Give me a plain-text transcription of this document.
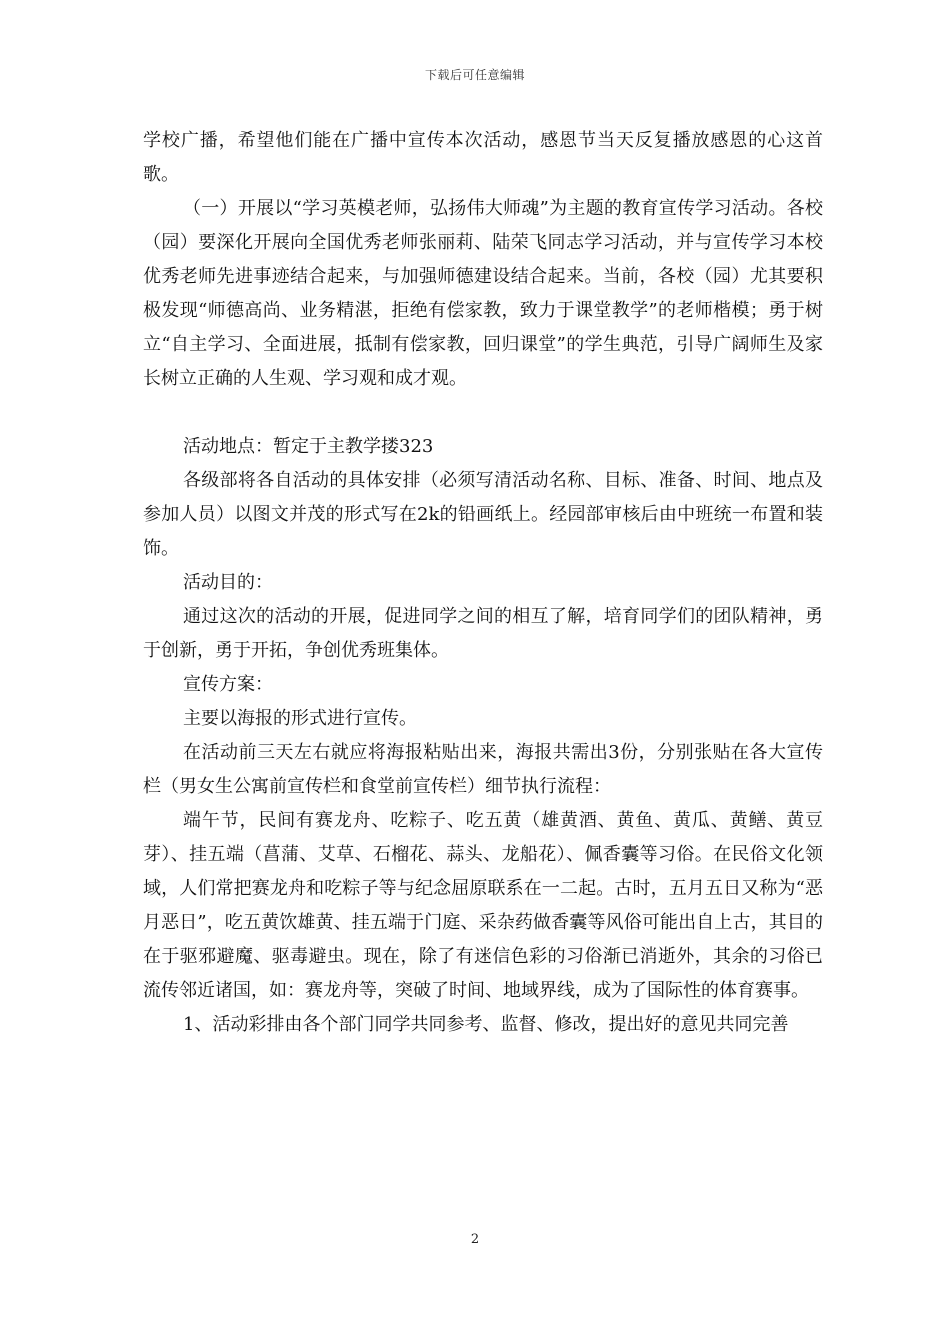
下载后可任意编辑

学校广播，希望他们能在广播中宣传本次活动，感恩节当天反复播放感恩的心这首歌。

（一）开展以“学习英模老师，弘扬伟大师魂”为主题的教育宣传学习活动。各校（园）要深化开展向全国优秀老师张丽莉、陆荣飞同志学习活动，并与宣传学习本校优秀老师先进事迹结合起来，与加强师德建设结合起来。当前，各校（园）尤其要积极发现“师德高尚、业务精湛，拒绝有偿家教，致力于课堂教学”的老师楷模；勇于树立“自主学习、全面进展，抵制有偿家教，回归课堂”的学生典范，引导广阔师生及家长树立正确的人生观、学习观和成才观。

活动地点：暂定于主教学搂323

各级部将各自活动的具体安排（必须写清活动名称、目标、准备、时间、地点及参加人员）以图文并茂的形式写在2k的铅画纸上。经园部审核后由中班统一布置和装饰。

活动目的：

通过这次的活动的开展，促进同学之间的相互了解，培育同学们的团队精神，勇于创新，勇于开拓，争创优秀班集体。

宣传方案：

主要以海报的形式进行宣传。

在活动前三天左右就应将海报粘贴出来，海报共需出3份，分别张贴在各大宣传栏（男女生公寓前宣传栏和食堂前宣传栏）细节执行流程：

端午节，民间有赛龙舟、吃粽子、吃五黄（雄黄酒、黄鱼、黄瓜、黄鳝、黄豆芽）、挂五端（菖蒲、艾草、石榴花、蒜头、龙船花）、佩香囊等习俗。在民俗文化领域，人们常把赛龙舟和吃粽子等与纪念屈原联系在一二起。古时，五月五日又称为“恶月恶日”，吃五黄饮雄黄、挂五端于门庭、采杂药做香囊等风俗可能出自上古，其目的在于驱邪避魔、驱毒避虫。现在，除了有迷信色彩的习俗渐已消逝外，其余的习俗已流传邻近诸国，如：赛龙舟等，突破了时间、地域界线，成为了国际性的体育赛事。

1、活动彩排由各个部门同学共同参考、监督、修改，提出好的意见共同完善

2
